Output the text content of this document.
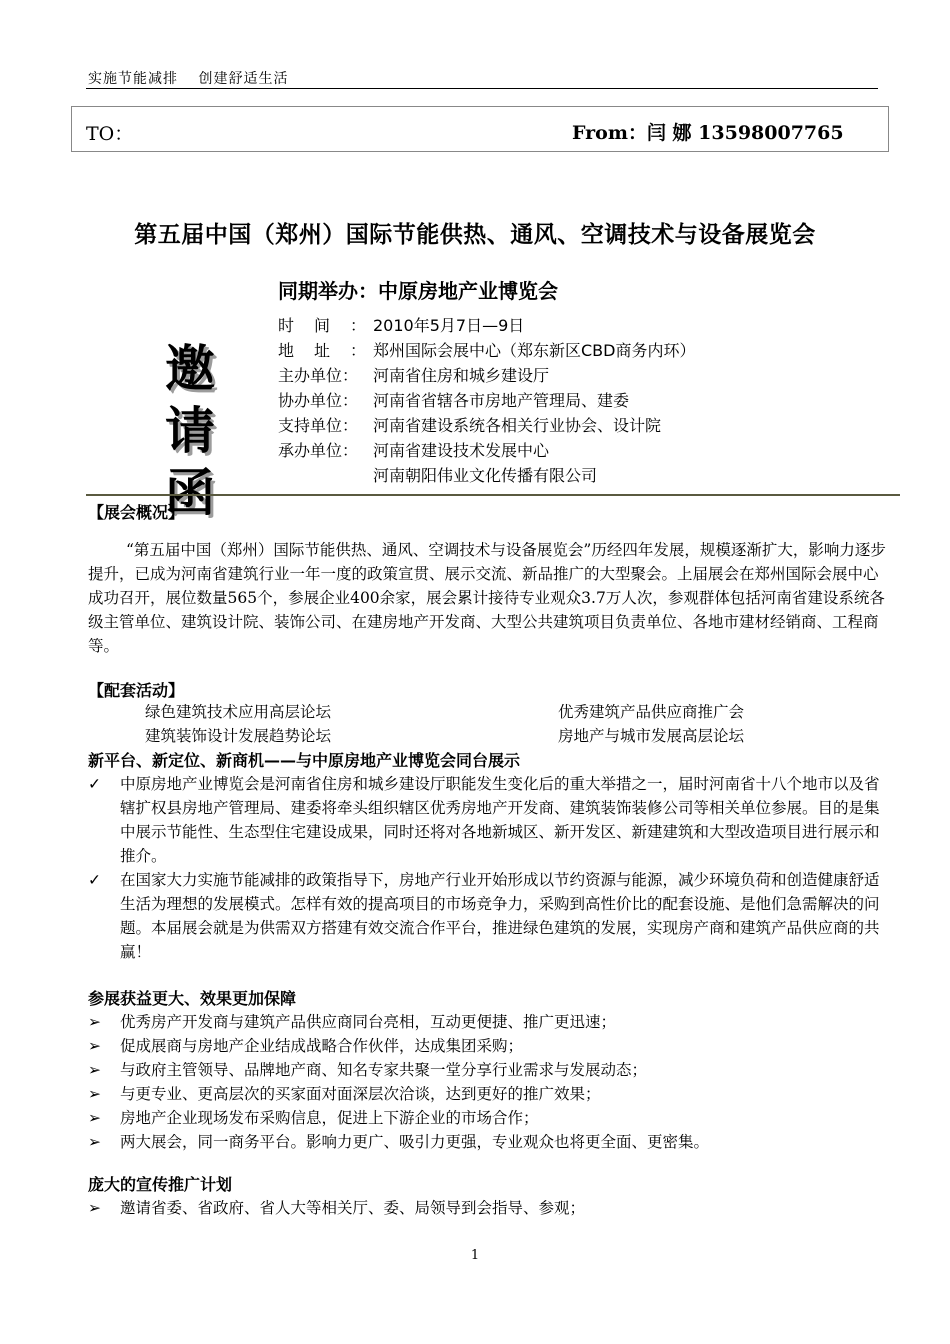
实施节能减排　 创建舒适生活
TO：	From：闫 娜 13598007765
第五届中国（郑州）国际节能供热、通风、空调技术与设备展览会
同期举办：中原房地产业博览会
邀请函
时间：
2010年5月7日—9日
地址：
郑州国际会展中心（郑东新区CBD商务内环）
主办单位： 河南省住房和城乡建设厅
协办单位： 河南省省辖各市房地产管理局、建委
支持单位： 河南省建设系统各相关行业协会、设计院
承办单位： 河南省建设技术发展中心
河南朝阳伟业文化传播有限公司
【展会概况】
“第五届中国（郑州）国际节能供热、通风、空调技术与设备展览会”历经四年发展，规模逐渐扩大，影响力逐步提升，已成为河南省建筑行业一年一度的政策宣贯、展示交流、新品推广的大型聚会。上届展会在郑州国际会展中心成功召开，展位数量565个，参展企业400余家，展会累计接待专业观众3.7万人次，参观群体包括河南省建设系统各级主管单位、建筑设计院、装饰公司、在建房地产开发商、大型公共建筑项目负责单位、各地市建材经销商、工程商等。
【配套活动】
绿色建筑技术应用高层论坛	优秀建筑产品供应商推广会
建筑装饰设计发展趋势论坛	房地产与城市发展高层论坛
新平台、新定位、新商机——与中原房地产业博览会同台展示
✓	中原房地产业博览会是河南省住房和城乡建设厅职能发生变化后的重大举措之一，届时河南省十八个地市以及省辖扩权县房地产管理局、建委将牵头组织辖区优秀房地产开发商、建筑装饰装修公司等相关单位参展。目的是集中展示节能性、生态型住宅建设成果，同时还将对各地新城区、新开发区、新建建筑和大型改造项目进行展示和推介。
✓	在国家大力实施节能减排的政策指导下，房地产行业开始形成以节约资源与能源，减少环境负荷和创造健康舒适生活为理想的发展模式。怎样有效的提高项目的市场竞争力，采购到高性价比的配套设施、是他们急需解决的问题。本届展会就是为供需双方搭建有效交流合作平台，推进绿色建筑的发展，实现房产商和建筑产品供应商的共赢！
参展获益更大、效果更加保障
➢	优秀房产开发商与建筑产品供应商同台亮相，互动更便捷、推广更迅速；
➢	促成展商与房地产企业结成战略合作伙伴，达成集团采购；
➢	与政府主管领导、品牌地产商、知名专家共聚一堂分享行业需求与发展动态；
➢	与更专业、更高层次的买家面对面深层次洽谈，达到更好的推广效果；
➢	房地产企业现场发布采购信息，促进上下游企业的市场合作；
➢	两大展会，同一商务平台。影响力更广、吸引力更强，专业观众也将更全面、更密集。
庞大的宣传推广计划
➢	邀请省委、省政府、省人大等相关厅、委、局领导到会指导、参观；
1
